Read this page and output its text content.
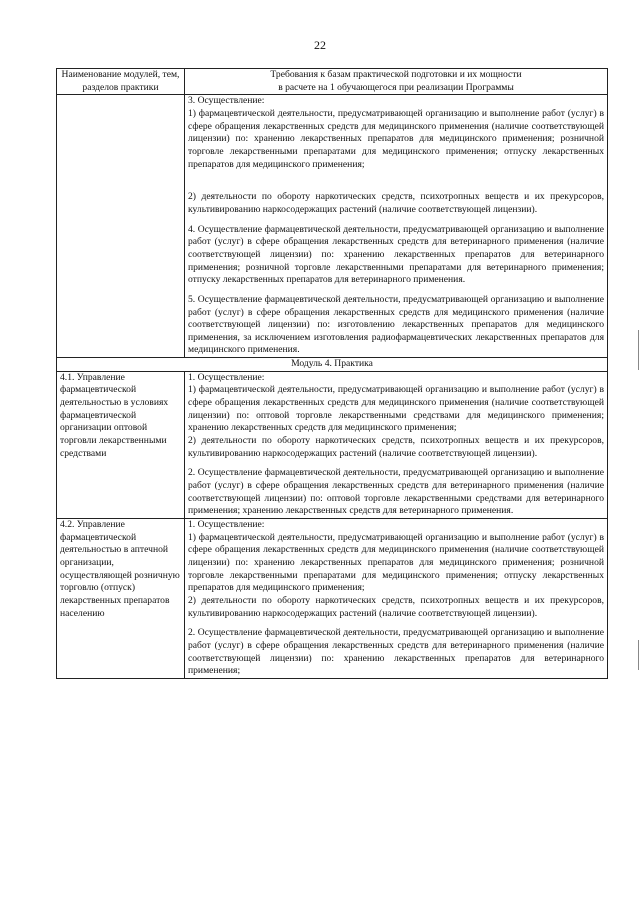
22
Наименование модулей, тем, разделов практики	Требования к базам практической подготовки и их мощности
в расчете на 1 обучающегося при реализации Программы

	3. Осуществление:

1) фармацевтической деятельности, предусматривающей организацию и выполнение работ (услуг) в сфере обращения лекарственных средств для медицинского применения (наличие соответствующей лицензии) по: хранению лекарственных препаратов для медицинского применения; розничной торговле лекарственными препаратами для медицинского применения; отпуску лекарственных препаратов для медицинского применения;

2) деятельности по обороту наркотических средств, психотропных веществ и их прекурсоров, культивированию наркосодержащих растений (наличие соответствующей лицензии).

4. Осуществление фармацевтической деятельности, предусматривающей организацию и выполнение работ (услуг) в сфере обращения лекарственных средств для ветеринарного применения (наличие соответствующей лицензии) по: хранению лекарственных препаратов для ветеринарного применения; розничной торговле лекарственными препаратами для ветеринарного применения; отпуску лекарственных препаратов для ветеринарного применения.

5. Осуществление фармацевтической деятельности, предусматривающей организацию и выполнение работ (услуг) в сфере обращения лекарственных средств для медицинского применения (наличие соответствующей лицензии) по: изготовлению лекарственных препаратов для медицинского применения, за исключением изготовления радиофармацевтических лекарственных препаратов для медицинского применения.

Модуль 4. Практика	
4.1. Управление фармацевтической деятельностью в условиях фармацевтической организации оптовой торговли лекарственными средствами	1. Осуществление:

1) фармацевтической деятельности, предусматривающей организацию и выполнение работ (услуг) в сфере обращения лекарственных средств для медицинского применения (наличие соответствующей лицензии) по: оптовой торговле лекарственными средствами для медицинского применения; хранению лекарственных средств для медицинского применения;

2) деятельности по обороту наркотических средств, психотропных веществ и их прекурсоров, культивированию наркосодержащих растений (наличие соответствующей лицензии).

2. Осуществление фармацевтической деятельности, предусматривающей организацию и выполнение работ (услуг) в сфере обращения лекарственных средств для ветеринарного применения (наличие соответствующей лицензии) по: оптовой торговле лекарственными средствами для ветеринарного применения; хранению лекарственных средств для ветеринарного применения.

4.2. Управление фармацевтической деятельностью в аптечной организации, осуществляющей розничную торговлю (отпуск) лекарственных препаратов населению	1. Осуществление:

1) фармацевтической деятельности, предусматривающей организацию и выполнение работ (услуг) в сфере обращения лекарственных средств для медицинского применения (наличие соответствующей лицензии) по: хранению лекарственных препаратов для медицинского применения; розничной торговле лекарственными препаратами для медицинского применения; отпуску лекарственных препаратов для медицинского применения;

2) деятельности по обороту наркотических средств, психотропных веществ и их прекурсоров, культивированию наркосодержащих растений (наличие соответствующей лицензии).

2. Осуществление фармацевтической деятельности, предусматривающей организацию и выполнение работ (услуг) в сфере обращения лекарственных средств для ветеринарного применения (наличие соответствующей лицензии) по: хранению лекарственных препаратов для ветеринарного применения;
